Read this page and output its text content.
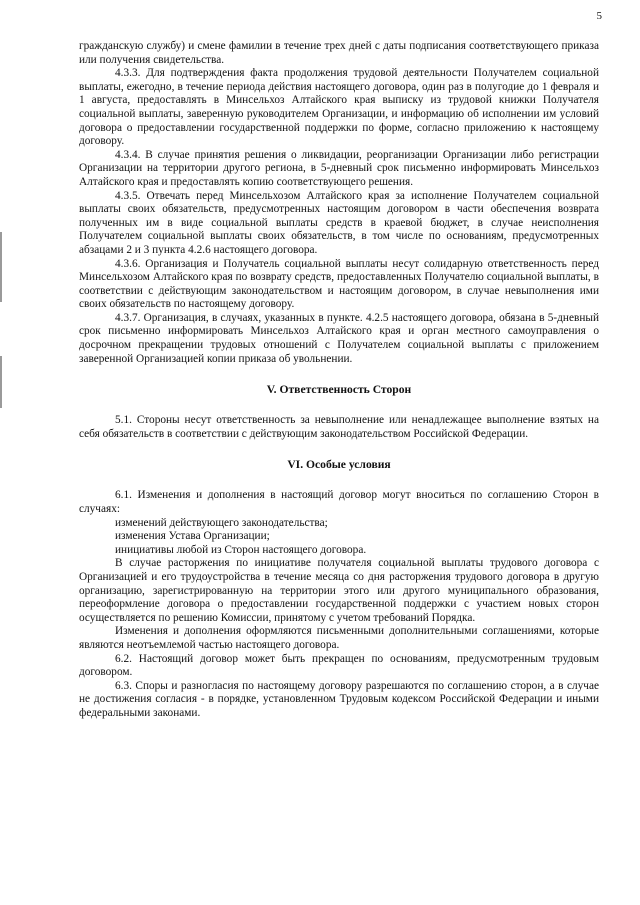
5

гражданскую службу) и смене фамилии в течение трех дней с даты подписания соответствующего приказа или получения свидетельства.

4.3.3. Для подтверждения факта продолжения трудовой деятельности Получателем социальной выплаты, ежегодно, в течение периода действия настоящего договора, один раз в полугодие до 1 февраля и 1 августа, предоставлять в Минсельхоз Алтайского края выписку из трудовой книжки Получателя социальной выплаты, заверенную руководителем Организации, и информацию об исполнении им условий договора о предоставлении государственной поддержки по форме, согласно приложению к настоящему договору.

4.3.4. В случае принятия решения о ликвидации, реорганизации Организации либо регистрации Организации на территории другого региона, в 5-дневный срок письменно информировать Минсельхоз Алтайского края и предоставлять копию соответствующего решения.

4.3.5. Отвечать перед Минсельхозом Алтайского края за исполнение Получателем социальной выплаты своих обязательств, предусмотренных настоящим договором в части обеспечения возврата полученных им в виде социальной выплаты средств в краевой бюджет, в случае неисполнения Получателем социальной выплаты своих обязательств, в том числе по основаниям, предусмотренных абзацами 2 и 3 пункта 4.2.6 настоящего договора.

4.3.6. Организация и Получатель социальной выплаты несут солидарную ответственность перед Минсельхозом Алтайского края по возврату средств, предоставленных Получателю социальной выплаты, в соответствии с действующим законодательством и настоящим договором, в случае невыполнения ими своих обязательств по настоящему договору.

4.3.7. Организация, в случаях, указанных в пункте. 4.2.5 настоящего договора, обязана в 5-дневный срок письменно информировать Минсельхоз Алтайского края и орган местного самоуправления о досрочном прекращении трудовых отношений с Получателем социальной выплаты с приложением заверенной Организацией копии приказа об увольнении.

V. Ответственность Сторон

5.1. Стороны несут ответственность за невыполнение или ненадлежащее выполнение взятых на себя обязательств в соответствии с действующим законодательством Российской Федерации.

VI. Особые условия

6.1. Изменения и дополнения в настоящий договор могут вноситься по соглашению Сторон в случаях:

изменений действующего законодательства;

изменения Устава Организации;

инициативы любой из Сторон настоящего договора.

В случае расторжения по инициативе получателя социальной выплаты трудового договора с Организацией и его трудоустройства в течение месяца со дня расторжения трудового договора в другую организацию, зарегистрированную на территории этого или другого муниципального образования, переоформление договора о предоставлении государственной поддержки с участием новых сторон осуществляется по решению Комиссии, принятому с учетом требований Порядка.

Изменения и дополнения оформляются письменными дополнительными соглашениями, которые являются неотъемлемой частью настоящего договора.

6.2. Настоящий договор может быть прекращен по основаниям, предусмотренным трудовым договором.

6.3. Споры и разногласия по настоящему договору разрешаются по соглашению сторон, а в случае не достижения согласия - в порядке, установленном Трудовым кодексом Российской Федерации и иными федеральными законами.
